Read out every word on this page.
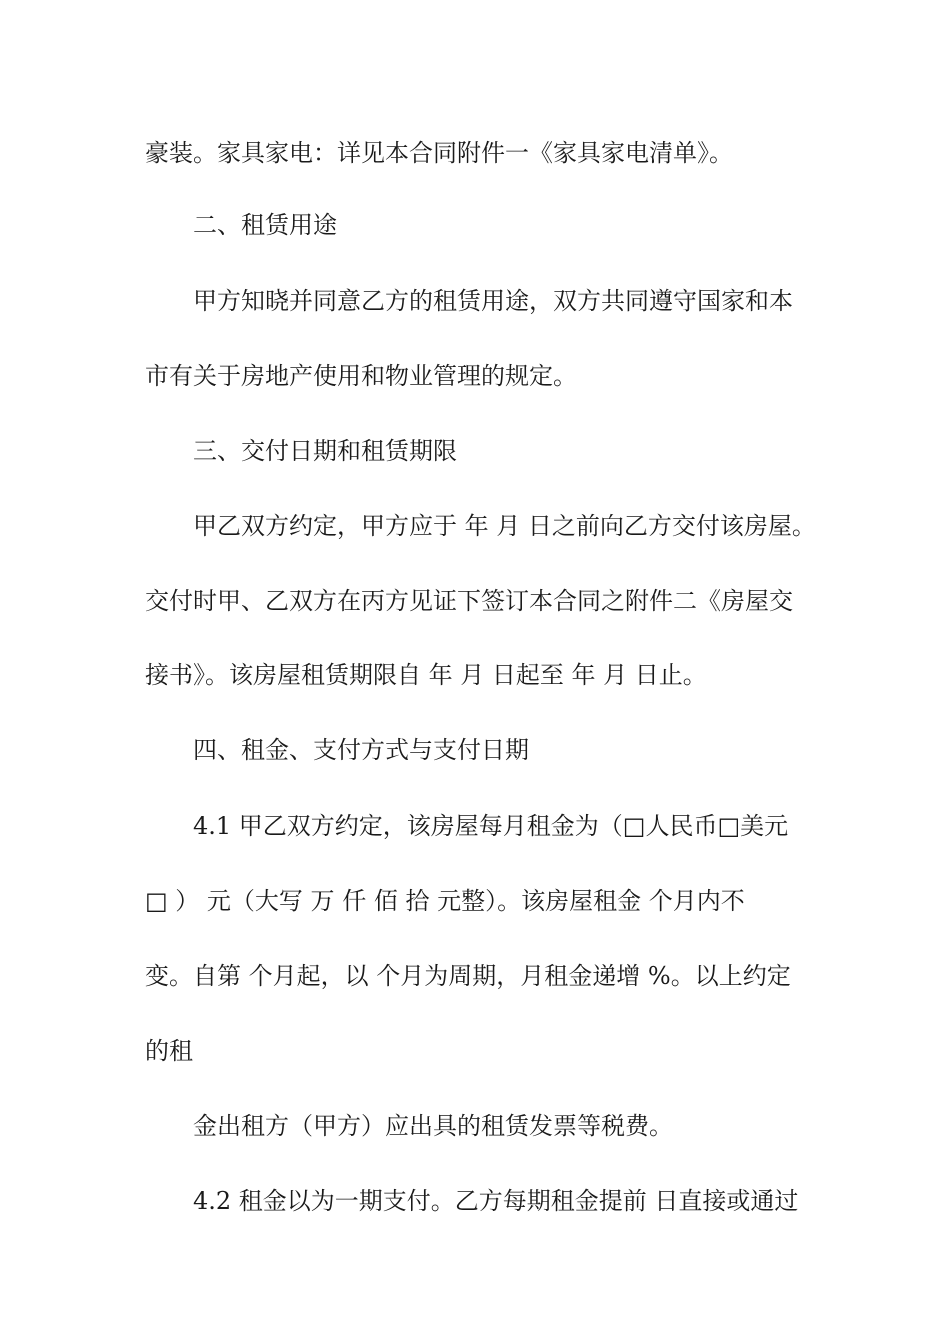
豪装。家具家电：详见本合同附件一《家具家电清单》。

二、租赁用途

甲方知晓并同意乙方的租赁用途，双方共同遵守国家和本

市有关于房地产使用和物业管理的规定。

三、交付日期和租赁期限

甲乙双方约定，甲方应于 年 月 日之前向乙方交付该房屋。

交付时甲、乙双方在丙方见证下签订本合同之附件二《房屋交

接书》。该房屋租赁期限自 年 月 日起至 年 月 日止。

四、租金、支付方式与支付日期

4.1 甲乙双方约定，该房屋每月租金为（□人民币□美元

□ ） 元（大写 万 仟 佰 拾 元整）。该房屋租金 个月内不

变。自第 个月起，以 个月为周期，月租金递增 %。以上约定

的租

金出租方（甲方）应出具的租赁发票等税费。

4.2 租金以为一期支付。乙方每期租金提前 日直接或通过
